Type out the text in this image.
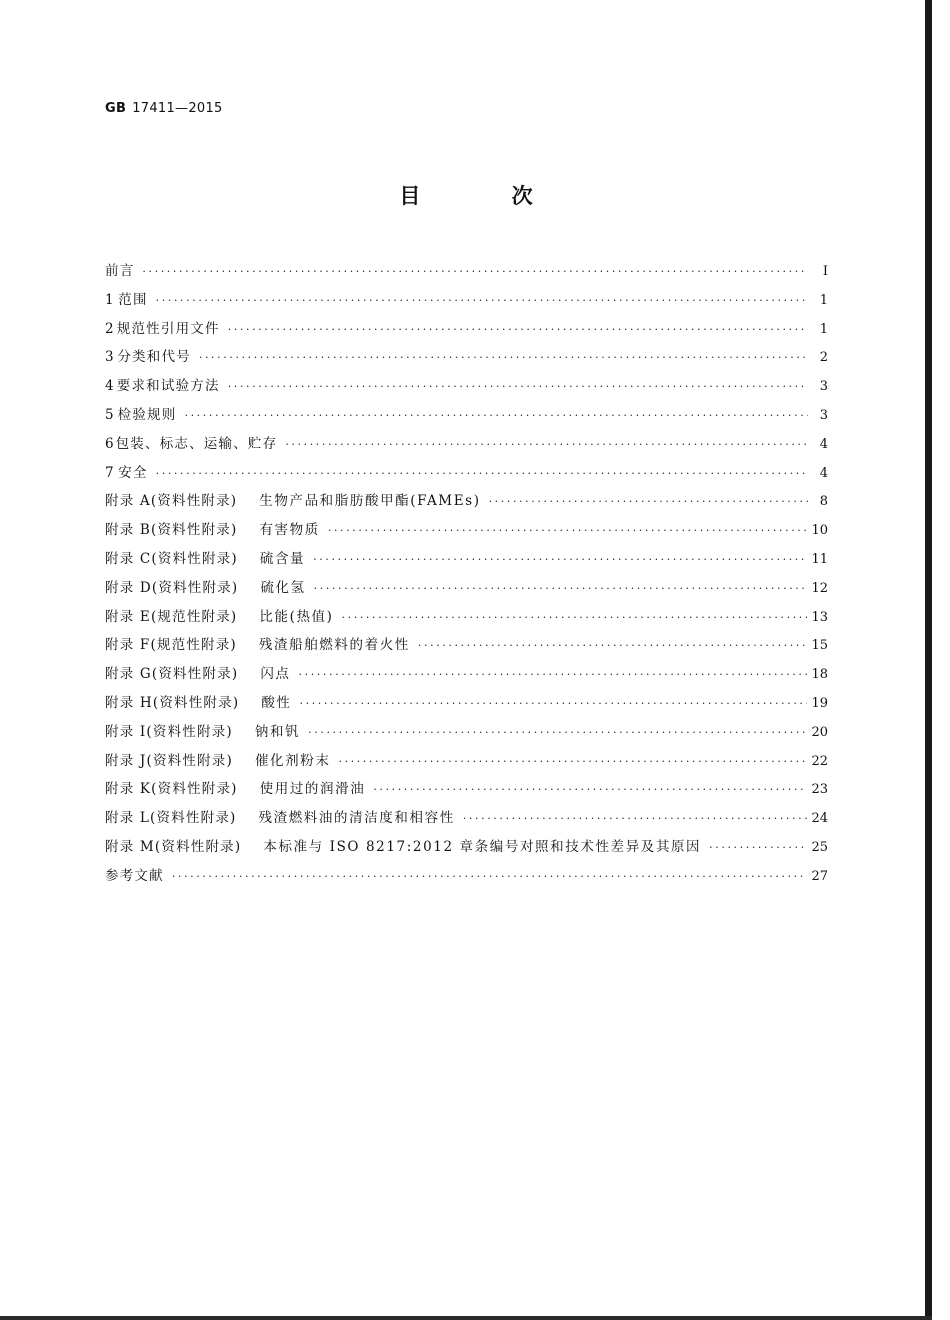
GB 17411—2015
目 次
前言 ·····	Ⅰ
1 范围 ·····	1
2 规范性引用文件 ·····	1
3 分类和代号 ·····	2
4 要求和试验方法 ·····	3
5 检验规则 ·····	3
6 包装、标志、运输、贮存 ·····	4
7 安全 ·····	4
附录 A(资料性附录) 生物产品和脂肪酸甲酯(FAMEs) ·····	8
附录 B(资料性附录) 有害物质 ·····	10
附录 C(资料性附录) 硫含量 ·····	11
附录 D(资料性附录) 硫化氢 ·····	12
附录 E(规范性附录) 比能(热值) ·····	13
附录 F(规范性附录) 残渣船舶燃料的着火性 ·····	15
附录 G(资料性附录) 闪点 ·····	18
附录 H(资料性附录) 酸性 ·····	19
附录 I(资料性附录) 钠和钒 ·····	20
附录 J(资料性附录) 催化剂粉末 ·····	22
附录 K(资料性附录) 使用过的润滑油 ·····	23
附录 L(资料性附录) 残渣燃料油的清洁度和相容性 ·····	24
附录 M(资料性附录) 本标准与 ISO 8217:2012 章条编号对照和技术性差异及其原因 ·····	25
参考文献 ·····	27
